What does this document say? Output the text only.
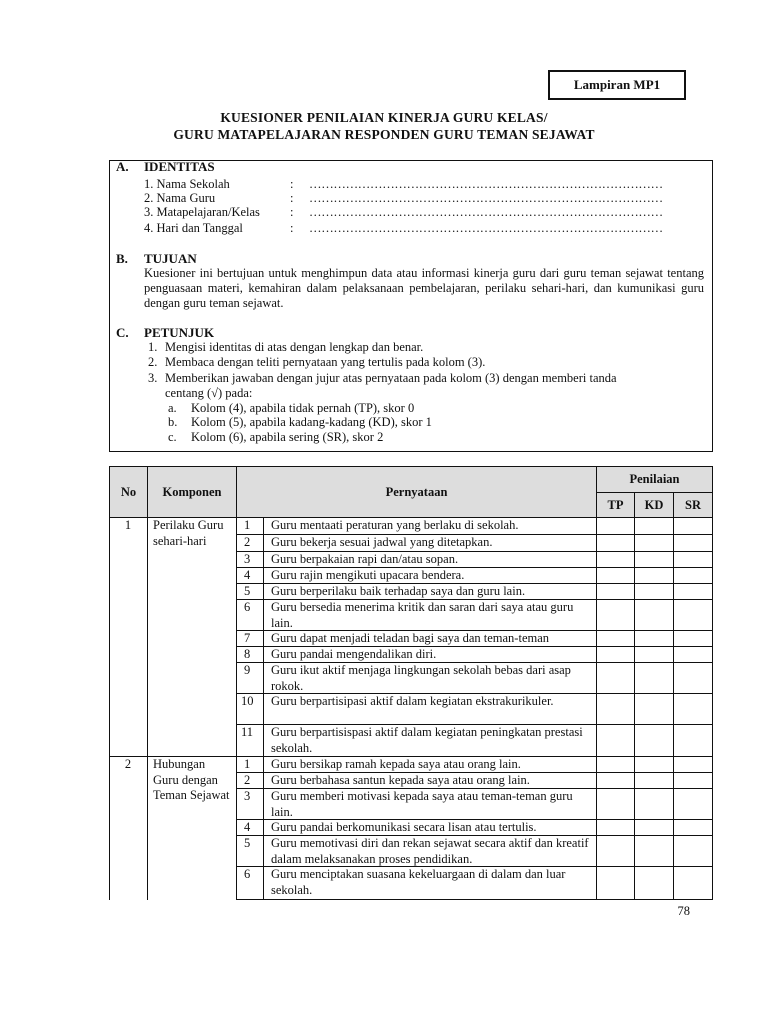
Lampiran MP1
KUESIONER PENILAIAN KINERJA GURU KELAS/
GURU MATAPELAJARAN RESPONDEN GURU TEMAN SEJAWAT
A. IDENTITAS
1. Nama Sekolah	: ……………………………………………………………………………
2. Nama Guru	: ……………………………………………………………………………
3. Matapelajaran/Kelas : ……………………………………………………………………………
4. Hari dan Tanggal	: ……………………………………………………………………………
B. TUJUAN
Kuesioner ini bertujuan untuk menghimpun data atau informasi kinerja guru dari guru teman sejawat tentang penguasaan materi, kemahiran dalam pelaksanaan pembelajaran, perilaku sehari-hari, dan kumunikasi guru dengan guru teman sejawat.
C. PETUNJUK
1. Mengisi identitas di atas dengan lengkap dan benar.
2. Membaca dengan teliti pernyataan yang tertulis pada kolom (3).
3. Memberikan jawaban dengan jujur atas pernyataan pada kolom (3) dengan memberi tanda
centang (√) pada:
a. Kolom (4), apabila tidak pernah (TP), skor 0
b. Kolom (5), apabila kadang-kadang (KD), skor 1
c. Kolom (6), apabila sering (SR), skor 2
No	Komponen	Pernyataan
Penilaian
TP	KD	SR
1	Perilaku Guru sehari-hari
1	Guru mentaati peraturan yang berlaku di sekolah.
2	Guru bekerja sesuai jadwal yang ditetapkan.
3	Guru berpakaian rapi dan/atau sopan.
4	Guru rajin mengikuti upacara bendera.
5	Guru berperilaku baik terhadap saya dan guru lain.
6	Guru bersedia menerima kritik dan saran dari saya atau guru lain.
7	Guru dapat menjadi teladan bagi saya dan teman-teman
8	Guru pandai mengendalikan diri.
9	Guru ikut aktif menjaga lingkungan sekolah bebas dari asap rokok.
10	Guru berpartisipasi aktif dalam kegiatan ekstrakurikuler.
11	Guru berpartisispasi aktif dalam kegiatan peningkatan prestasi sekolah.
2	Hubungan Guru dengan Teman Sejawat
1	Guru bersikap ramah kepada saya atau orang lain.
2	Guru berbahasa santun kepada saya atau orang lain.
3	Guru memberi motivasi kepada saya atau teman-teman guru lain.
4	Guru pandai berkomunikasi secara lisan atau tertulis.
5	Guru memotivasi diri dan rekan sejawat secara aktif dan kreatif dalam melaksanakan proses pendidikan.
6	Guru menciptakan suasana kekeluargaan di dalam dan luar sekolah.
78
